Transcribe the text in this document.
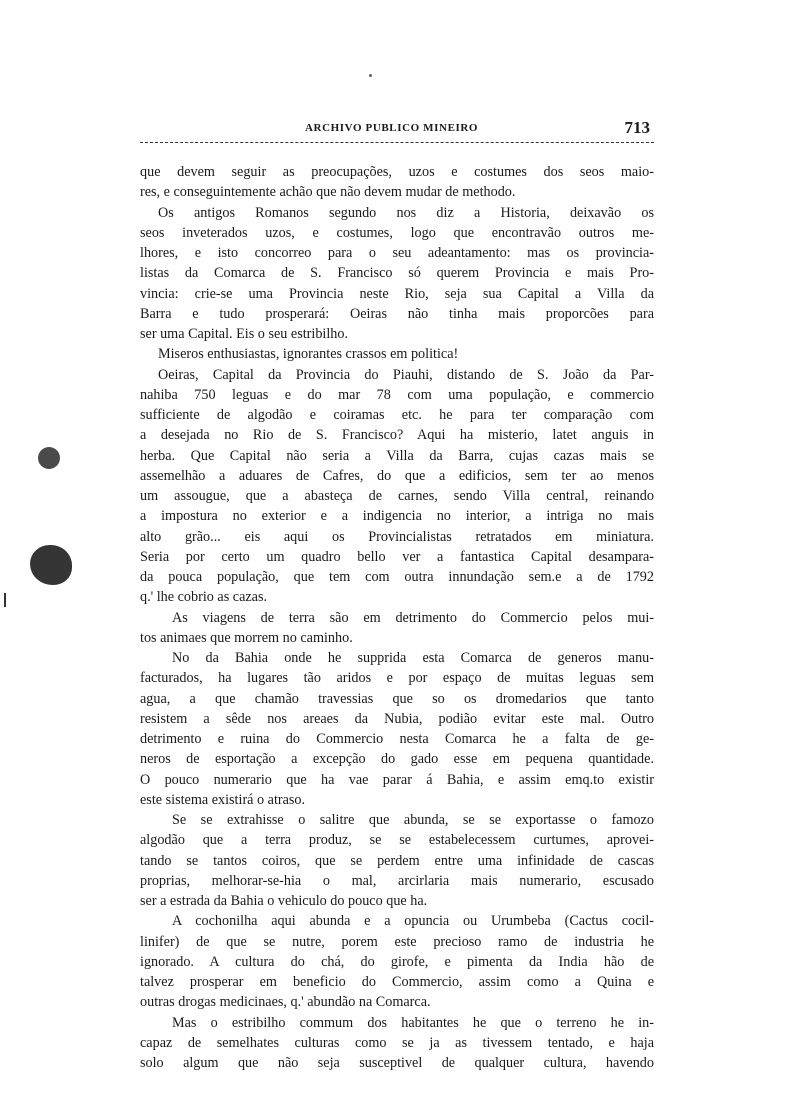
ARCHIVO PUBLICO MINEIRO	713
que devem seguir as preocupações, uzos e costumes dos seos maio-
res, e conseguintemente achão que não devem mudar de methodo.
Os antigos Romanos segundo nos diz a Historia, deixavão os
seos inveterados uzos, e costumes, logo que encontravão outros me-
lhores, e isto concorreo para o seu adeantamento: mas os provincia-
listas da Comarca de S. Francisco só querem Provincia e mais Pro-
vincia: crie-se uma Provincia neste Rio, seja sua Capital a Villa da
Barra e tudo prosperará: Oeiras não tinha mais proporcões para
ser uma Capital. Eis o seu estribilho.
Miseros enthusiastas, ignorantes crassos em politica!
Oeiras, Capital da Provincia do Piauhi, distando de S. João da Par-
nahiba 750 leguas e do mar 78 com uma população, e commercio
sufficiente de algodão e coiramas etc. he para ter comparação com
a desejada no Rio de S. Francisco? Aqui ha misterio, latet anguis in
herba. Que Capital não seria a Villa da Barra, cujas cazas mais se
assemelhão a aduares de Cafres, do que a edificios, sem ter ao menos
um assougue, que a abasteça de carnes, sendo Villa central, reinando
a impostura no exterior e a indigencia no interior, a intriga no mais
alto grão... eis aqui os Provincialistas retratados em miniatura.
Seria por certo um quadro bello ver a fantastica Capital desampara-
da pouca população, que tem com outra innundação sem.e a de 1792
q.' lhe cobrio as cazas.
As viagens de terra são em detrimento do Commercio pelos mui-
tos animaes que morrem no caminho.
No da Bahia onde he supprida esta Comarca de generos manu-
facturados, ha lugares tão aridos e por espaço de muitas leguas sem
agua, a que chamão travessias que so os dromedarios que tanto
resistem a sêde nos areaes da Nubia, podião evitar este mal. Outro
detrimento e ruina do Commercio nesta Comarca he a falta de ge-
neros de esportação a excepção do gado esse em pequena quantidade.
O pouco numerario que ha vae parar á Bahia, e assim emq.to existir
este sistema existirá o atraso.
Se se extrahisse o salitre que abunda, se se exportasse o famozo
algodão que a terra produz, se se estabelecessem curtumes, aprovei-
tando se tantos coiros, que se perdem entre uma infinidade de cascas
proprias, melhorar-se-hia o mal, arcirlaria mais numerario, escusado
ser a estrada da Bahia o vehiculo do pouco que ha.
A cochonilha aqui abunda e a opuncia ou Urumbeba (Cactus cocil-
linifer) de que se nutre, porem este precioso ramo de industria he
ignorado. A cultura do chá, do girofe, e pimenta da India hão de
talvez prosperar em beneficio do Commercio, assim como a Quina e
outras drogas medicinaes, q.' abundão na Comarca.
Mas o estribilho commum dos habitantes he que o terreno he in-
capaz de semelhates culturas como se ja as tivessem tentado, e haja
solo algum que não seja susceptivel de qualquer cultura, havendo
